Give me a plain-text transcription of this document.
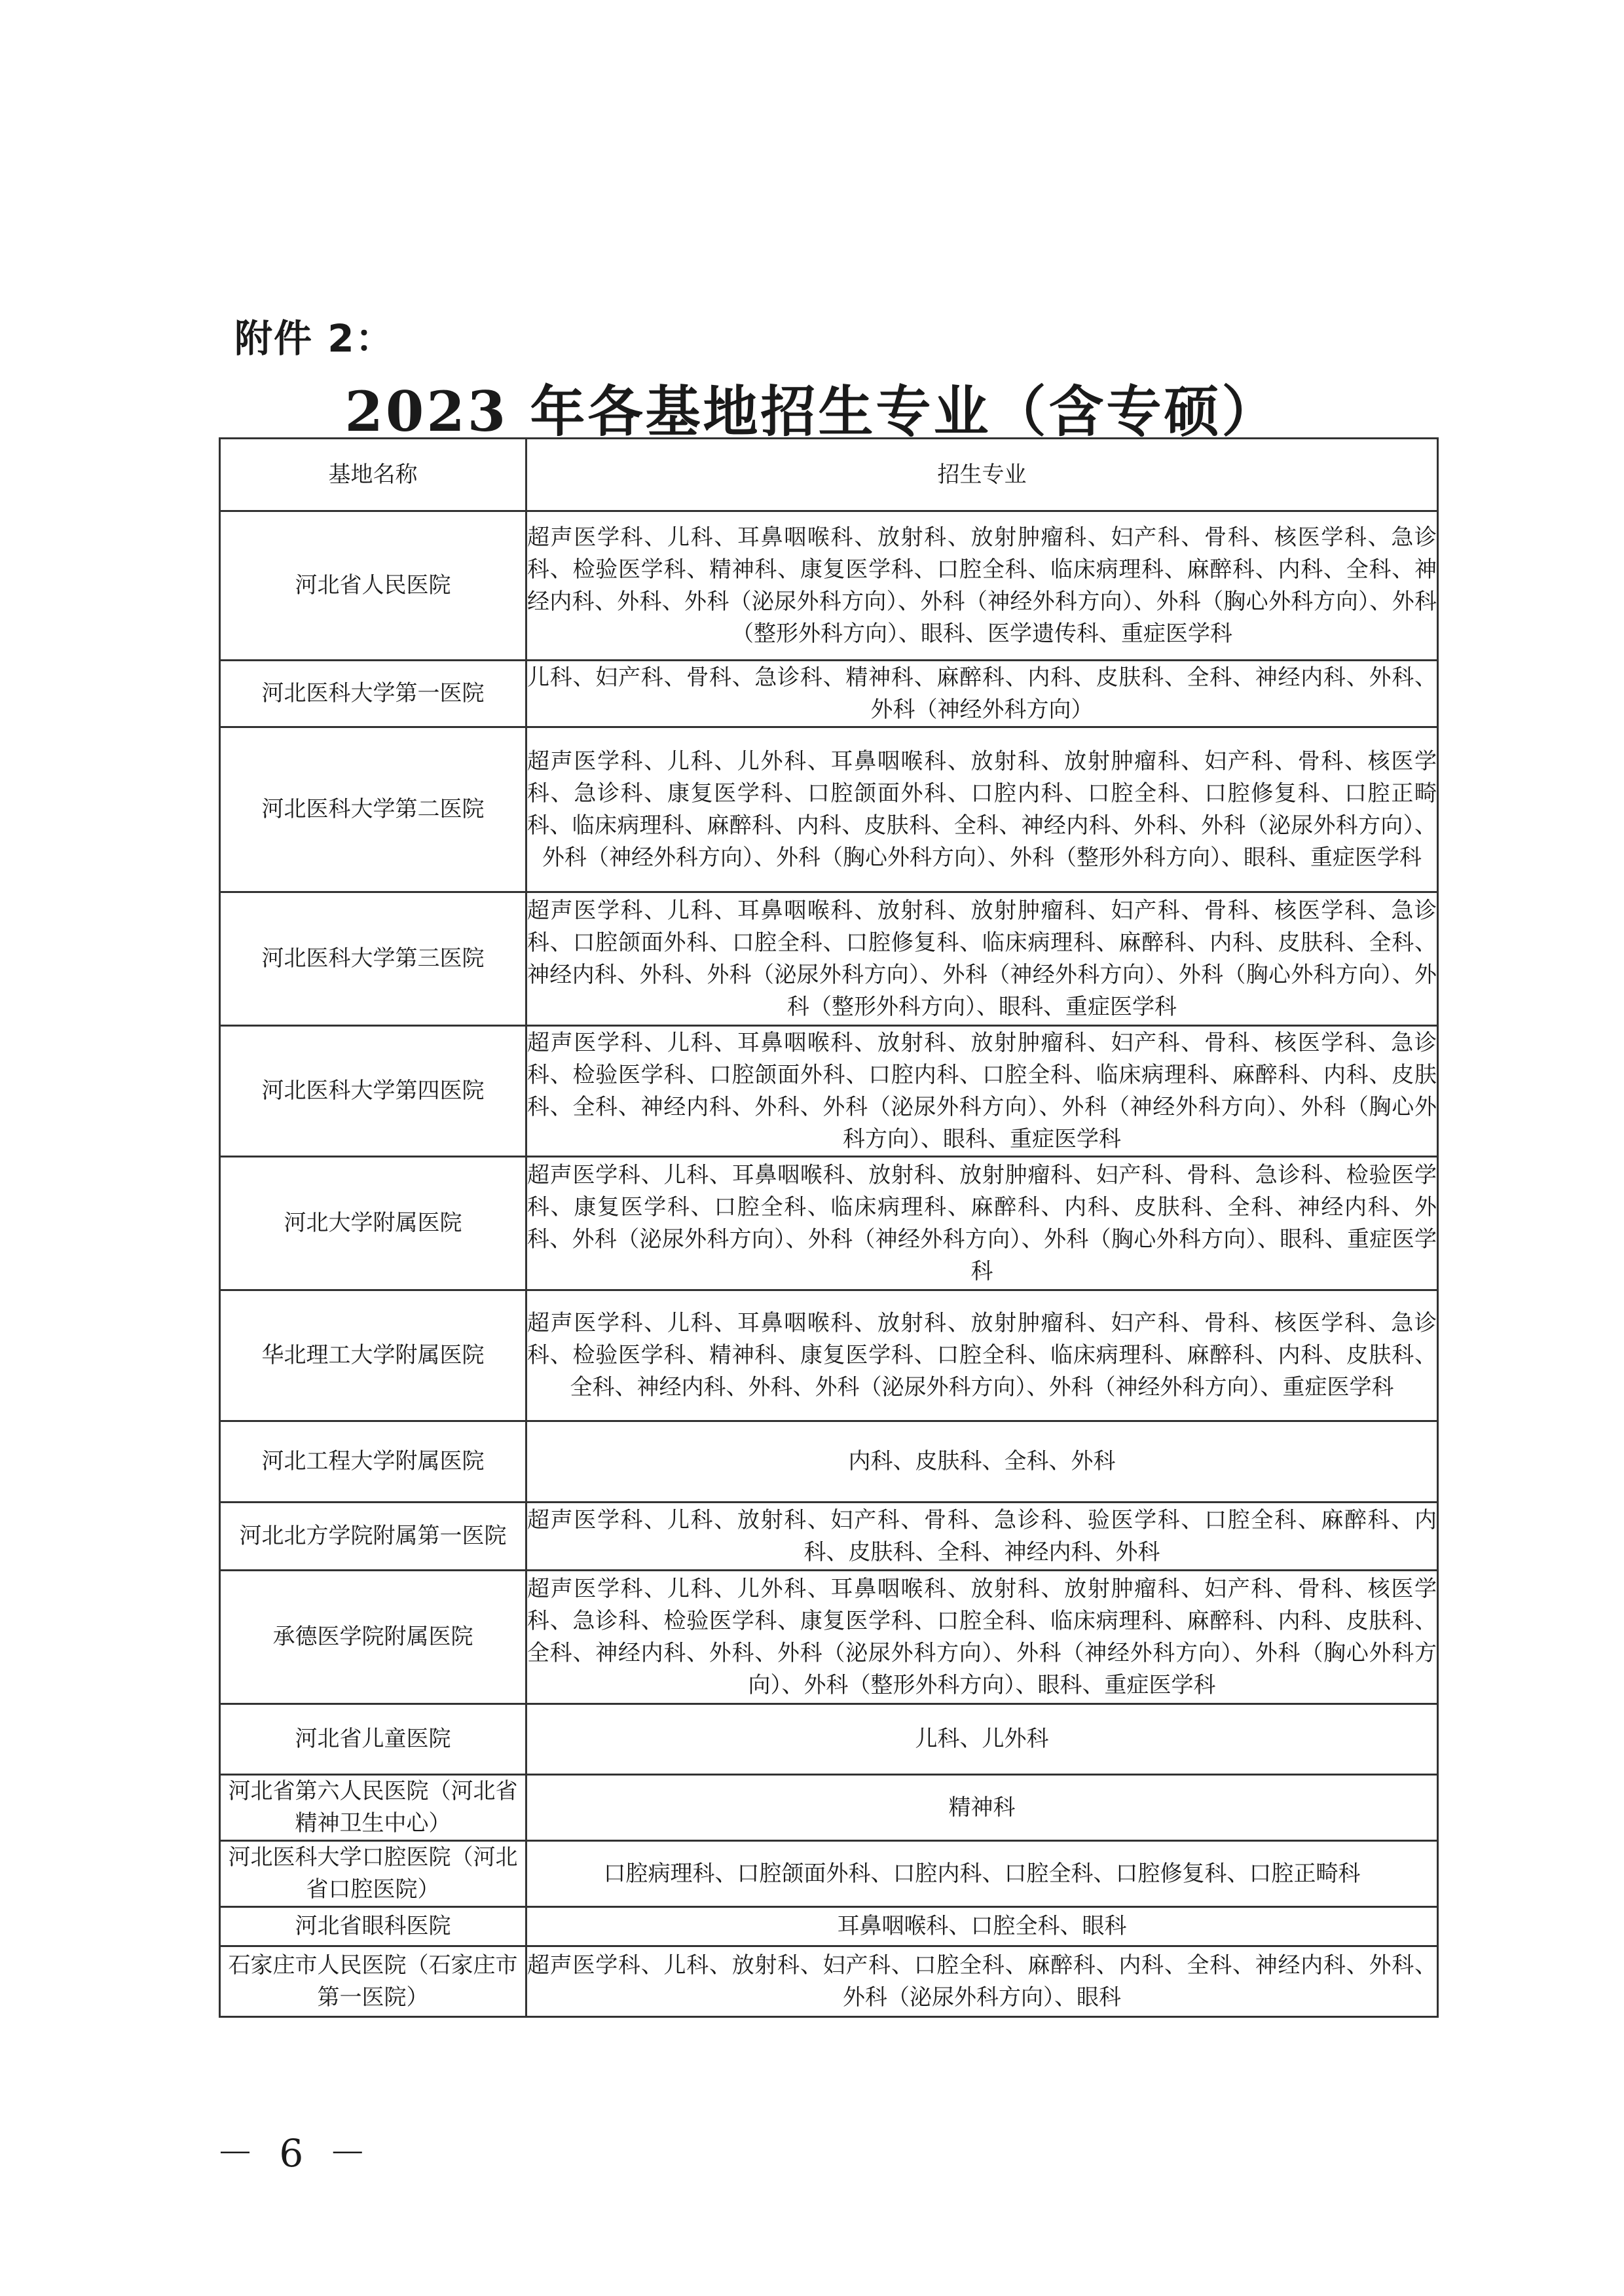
附件 2：
2023 年各基地招生专业（含专硕）
基地名称	招生专业
河北省人民医院	超声医学科、儿科、耳鼻咽喉科、放射科、放射肿瘤科、妇产科、骨科、核医学科、急诊科、检验医学科、精神科、康复医学科、口腔全科、临床病理科、麻醉科、内科、全科、神经内科、外科、外科（泌尿外科方向）、外科（神经外科方向）、外科（胸心外科方向）、外科（整形外科方向）、眼科、医学遗传科、重症医学科
河北医科大学第一医院	儿科、妇产科、骨科、急诊科、精神科、麻醉科、内科、皮肤科、全科、神经内科、外科、外科（神经外科方向）
河北医科大学第二医院	超声医学科、儿科、儿外科、耳鼻咽喉科、放射科、放射肿瘤科、妇产科、骨科、核医学科、急诊科、康复医学科、口腔颌面外科、口腔内科、口腔全科、口腔修复科、口腔正畸科、临床病理科、麻醉科、内科、皮肤科、全科、神经内科、外科、外科（泌尿外科方向）、外科（神经外科方向）、外科（胸心外科方向）、外科（整形外科方向）、眼科、重症医学科
河北医科大学第三医院	超声医学科、儿科、耳鼻咽喉科、放射科、放射肿瘤科、妇产科、骨科、核医学科、急诊科、口腔颌面外科、口腔全科、口腔修复科、临床病理科、麻醉科、内科、皮肤科、全科、神经内科、外科、外科（泌尿外科方向）、外科（神经外科方向）、外科（胸心外科方向）、外科（整形外科方向）、眼科、重症医学科
河北医科大学第四医院	超声医学科、儿科、耳鼻咽喉科、放射科、放射肿瘤科、妇产科、骨科、核医学科、急诊科、检验医学科、口腔颌面外科、口腔内科、口腔全科、临床病理科、麻醉科、内科、皮肤科、全科、神经内科、外科、外科（泌尿外科方向）、外科（神经外科方向）、外科（胸心外科方向）、眼科、重症医学科
河北大学附属医院	超声医学科、儿科、耳鼻咽喉科、放射科、放射肿瘤科、妇产科、骨科、急诊科、检验医学科、康复医学科、口腔全科、临床病理科、麻醉科、内科、皮肤科、全科、神经内科、外科、外科（泌尿外科方向）、外科（神经外科方向）、外科（胸心外科方向）、眼科、重症医学科
华北理工大学附属医院	超声医学科、儿科、耳鼻咽喉科、放射科、放射肿瘤科、妇产科、骨科、核医学科、急诊科、检验医学科、精神科、康复医学科、口腔全科、临床病理科、麻醉科、内科、皮肤科、全科、神经内科、外科、外科（泌尿外科方向）、外科（神经外科方向）、重症医学科
河北工程大学附属医院	内科、皮肤科、全科、外科
河北北方学院附属第一医院	超声医学科、儿科、放射科、妇产科、骨科、急诊科、验医学科、口腔全科、麻醉科、内科、皮肤科、全科、神经内科、外科
承德医学院附属医院	超声医学科、儿科、儿外科、耳鼻咽喉科、放射科、放射肿瘤科、妇产科、骨科、核医学科、急诊科、检验医学科、康复医学科、口腔全科、临床病理科、麻醉科、内科、皮肤科、全科、神经内科、外科、外科（泌尿外科方向）、外科（神经外科方向）、外科（胸心外科方向）、外科（整形外科方向）、眼科、重症医学科
河北省儿童医院	儿科、儿外科
河北省第六人民医院（河北省精神卫生中心）	精神科
河北医科大学口腔医院（河北省口腔医院）	口腔病理科、口腔颌面外科、口腔内科、口腔全科、口腔修复科、口腔正畸科
河北省眼科医院	耳鼻咽喉科、口腔全科、眼科
石家庄市人民医院（石家庄市第一医院）	超声医学科、儿科、放射科、妇产科、口腔全科、麻醉科、内科、全科、神经内科、外科、外科（泌尿外科方向）、眼科
－ 6 －
